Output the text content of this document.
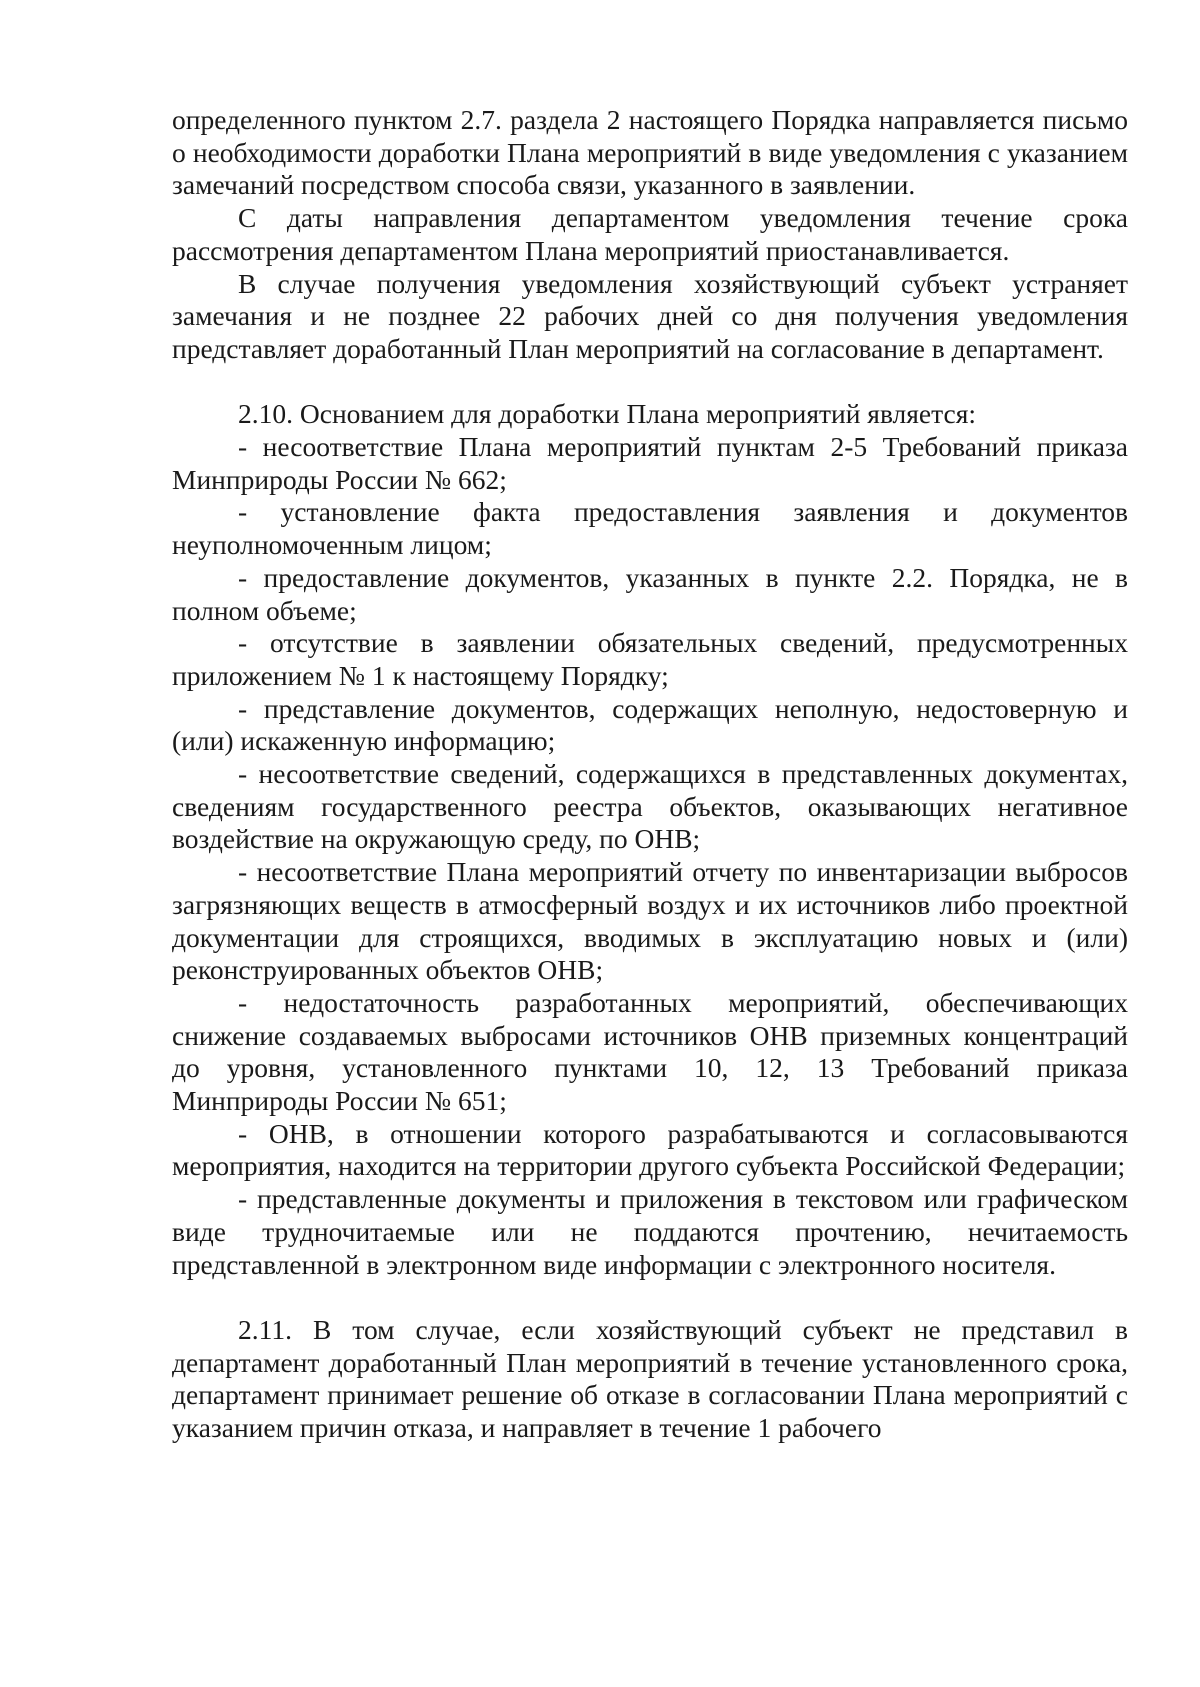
определенного пунктом 2.7. раздела 2 настоящего Порядка направляется письмо о необходимости доработки Плана мероприятий в виде уведомления с указанием замечаний посредством способа связи, указанного в заявлении.

С даты направления департаментом уведомления течение срока рассмотрения департаментом Плана мероприятий приостанавливается.

В случае получения уведомления хозяйствующий субъект устраняет замечания и не позднее 22 рабочих дней со дня получения уведомления представляет доработанный План мероприятий на согласование в департамент.

2.10. Основанием для доработки Плана мероприятий является:

- несоответствие Плана мероприятий пунктам 2-5 Требований приказа Минприроды России № 662;

- установление факта предоставления заявления и документов неуполномоченным лицом;

- предоставление документов, указанных в пункте 2.2. Порядка, не в полном объеме;

- отсутствие в заявлении обязательных сведений, предусмотренных приложением № 1 к настоящему Порядку;

- представление документов, содержащих неполную, недостоверную и (или) искаженную информацию;

- несоответствие сведений, содержащихся в представленных документах, сведениям государственного реестра объектов, оказывающих негативное воздействие на окружающую среду, по ОНВ;

- несоответствие Плана мероприятий отчету по инвентаризации выбросов загрязняющих веществ в атмосферный воздух и их источников либо проектной документации для строящихся, вводимых в эксплуатацию новых и (или) реконструированных объектов ОНВ;

- недостаточность разработанных мероприятий, обеспечивающих снижение создаваемых выбросами источников ОНВ приземных концентраций до уровня, установленного пунктами 10, 12, 13 Требований приказа Минприроды России № 651;

- ОНВ, в отношении которого разрабатываются и согласовываются мероприятия, находится на территории другого субъекта Российской Федерации;

- представленные документы и приложения в текстовом или графическом виде трудночитаемые или не поддаются прочтению, нечитаемость представленной в электронном виде информации с электронного носителя.

2.11. В том случае, если хозяйствующий субъект не представил в департамент доработанный План мероприятий в течение установленного срока, департамент принимает решение об отказе в согласовании Плана мероприятий с указанием причин отказа, и направляет в течение 1 рабочего
